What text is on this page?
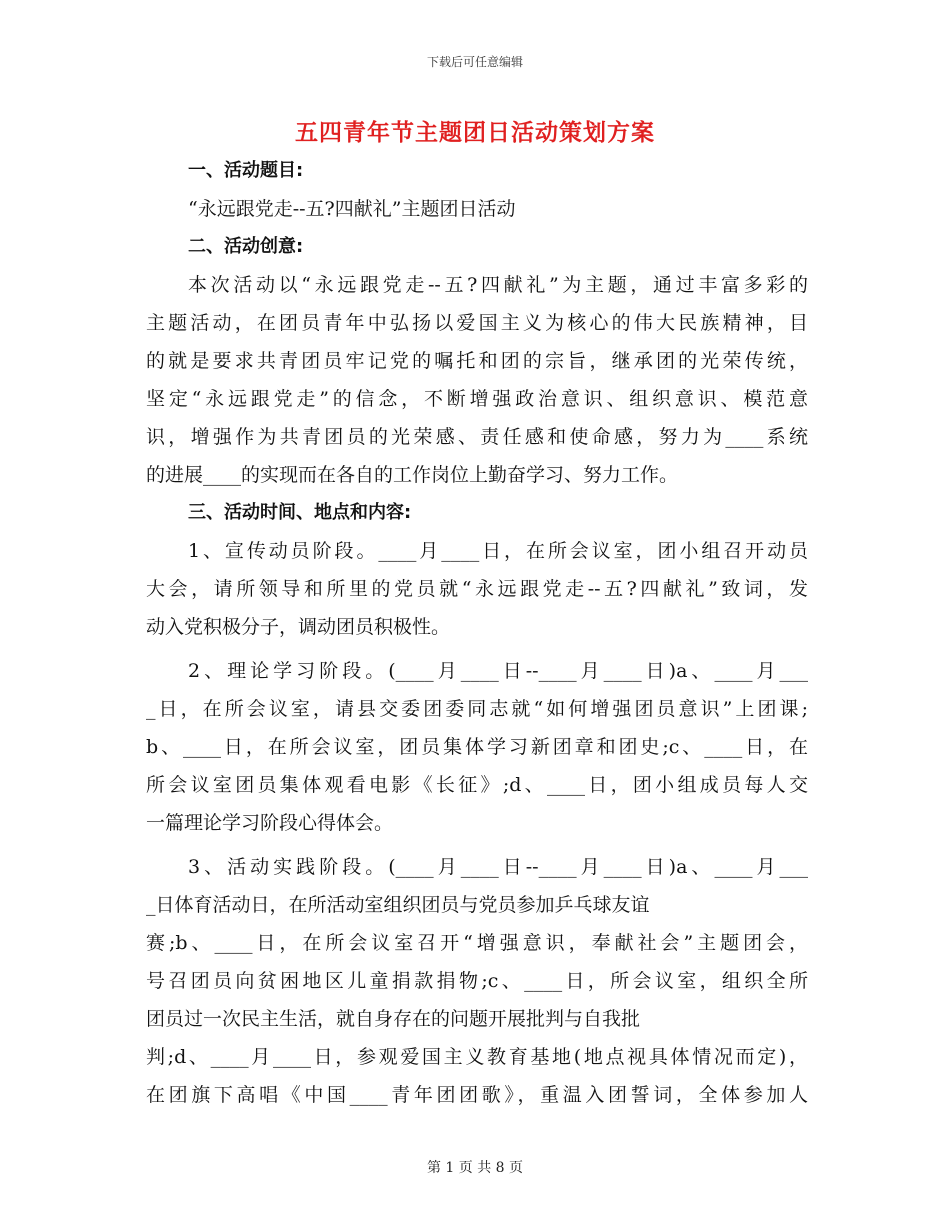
下载后可任意编辑
五四青年节主题团日活动策划方案
一、活动题目:
“永远跟党走--五?四献礼”主题团日活动
二、活动创意:
本次活动以“永远跟党走--五?四献礼”为主题，通过丰富多彩的
主题活动，在团员青年中弘扬以爱国主义为核心的伟大民族精神，目
的就是要求共青团员牢记党的嘱托和团的宗旨，继承团的光荣传统，
坚定“永远跟党走”的信念，不断增强政治意识、组织意识、模范意
识，增强作为共青团员的光荣感、责任感和使命感，努力为____系统
的进展____的实现而在各自的工作岗位上勤奋学习、努力工作。
三、活动时间、地点和内容:
1、宣传动员阶段。____月____日，在所会议室，团小组召开动员
大会，请所领导和所里的党员就“永远跟党走--五?四献礼”致词，发
动入党积极分子，调动团员积极性。
2、理论学习阶段。(____月____日--____月____日)a、____月___
_日，在所会议室，请县交委团委同志就“如何增强团员意识”上团课;
b、____日，在所会议室，团员集体学习新团章和团史;c、____日，在
所会议室团员集体观看电影《长征》;d、____日，团小组成员每人交
一篇理论学习阶段心得体会。
3、活动实践阶段。(____月____日--____月____日)a、____月___
_日体育活动日，在所活动室组织团员与党员参加乒乓球友谊
赛;b、____日，在所会议室召开“增强意识，奉献社会”主题团会，
号召团员向贫困地区儿童捐款捐物;c、____日，所会议室，组织全所
团员过一次民主生活，就自身存在的问题开展批判与自我批
判;d、____月____日，参观爱国主义教育基地(地点视具体情况而定)，
在团旗下高唱《中国____青年团团歌》，重温入团誓词，全体参加人
第 1 页 共 8 页
